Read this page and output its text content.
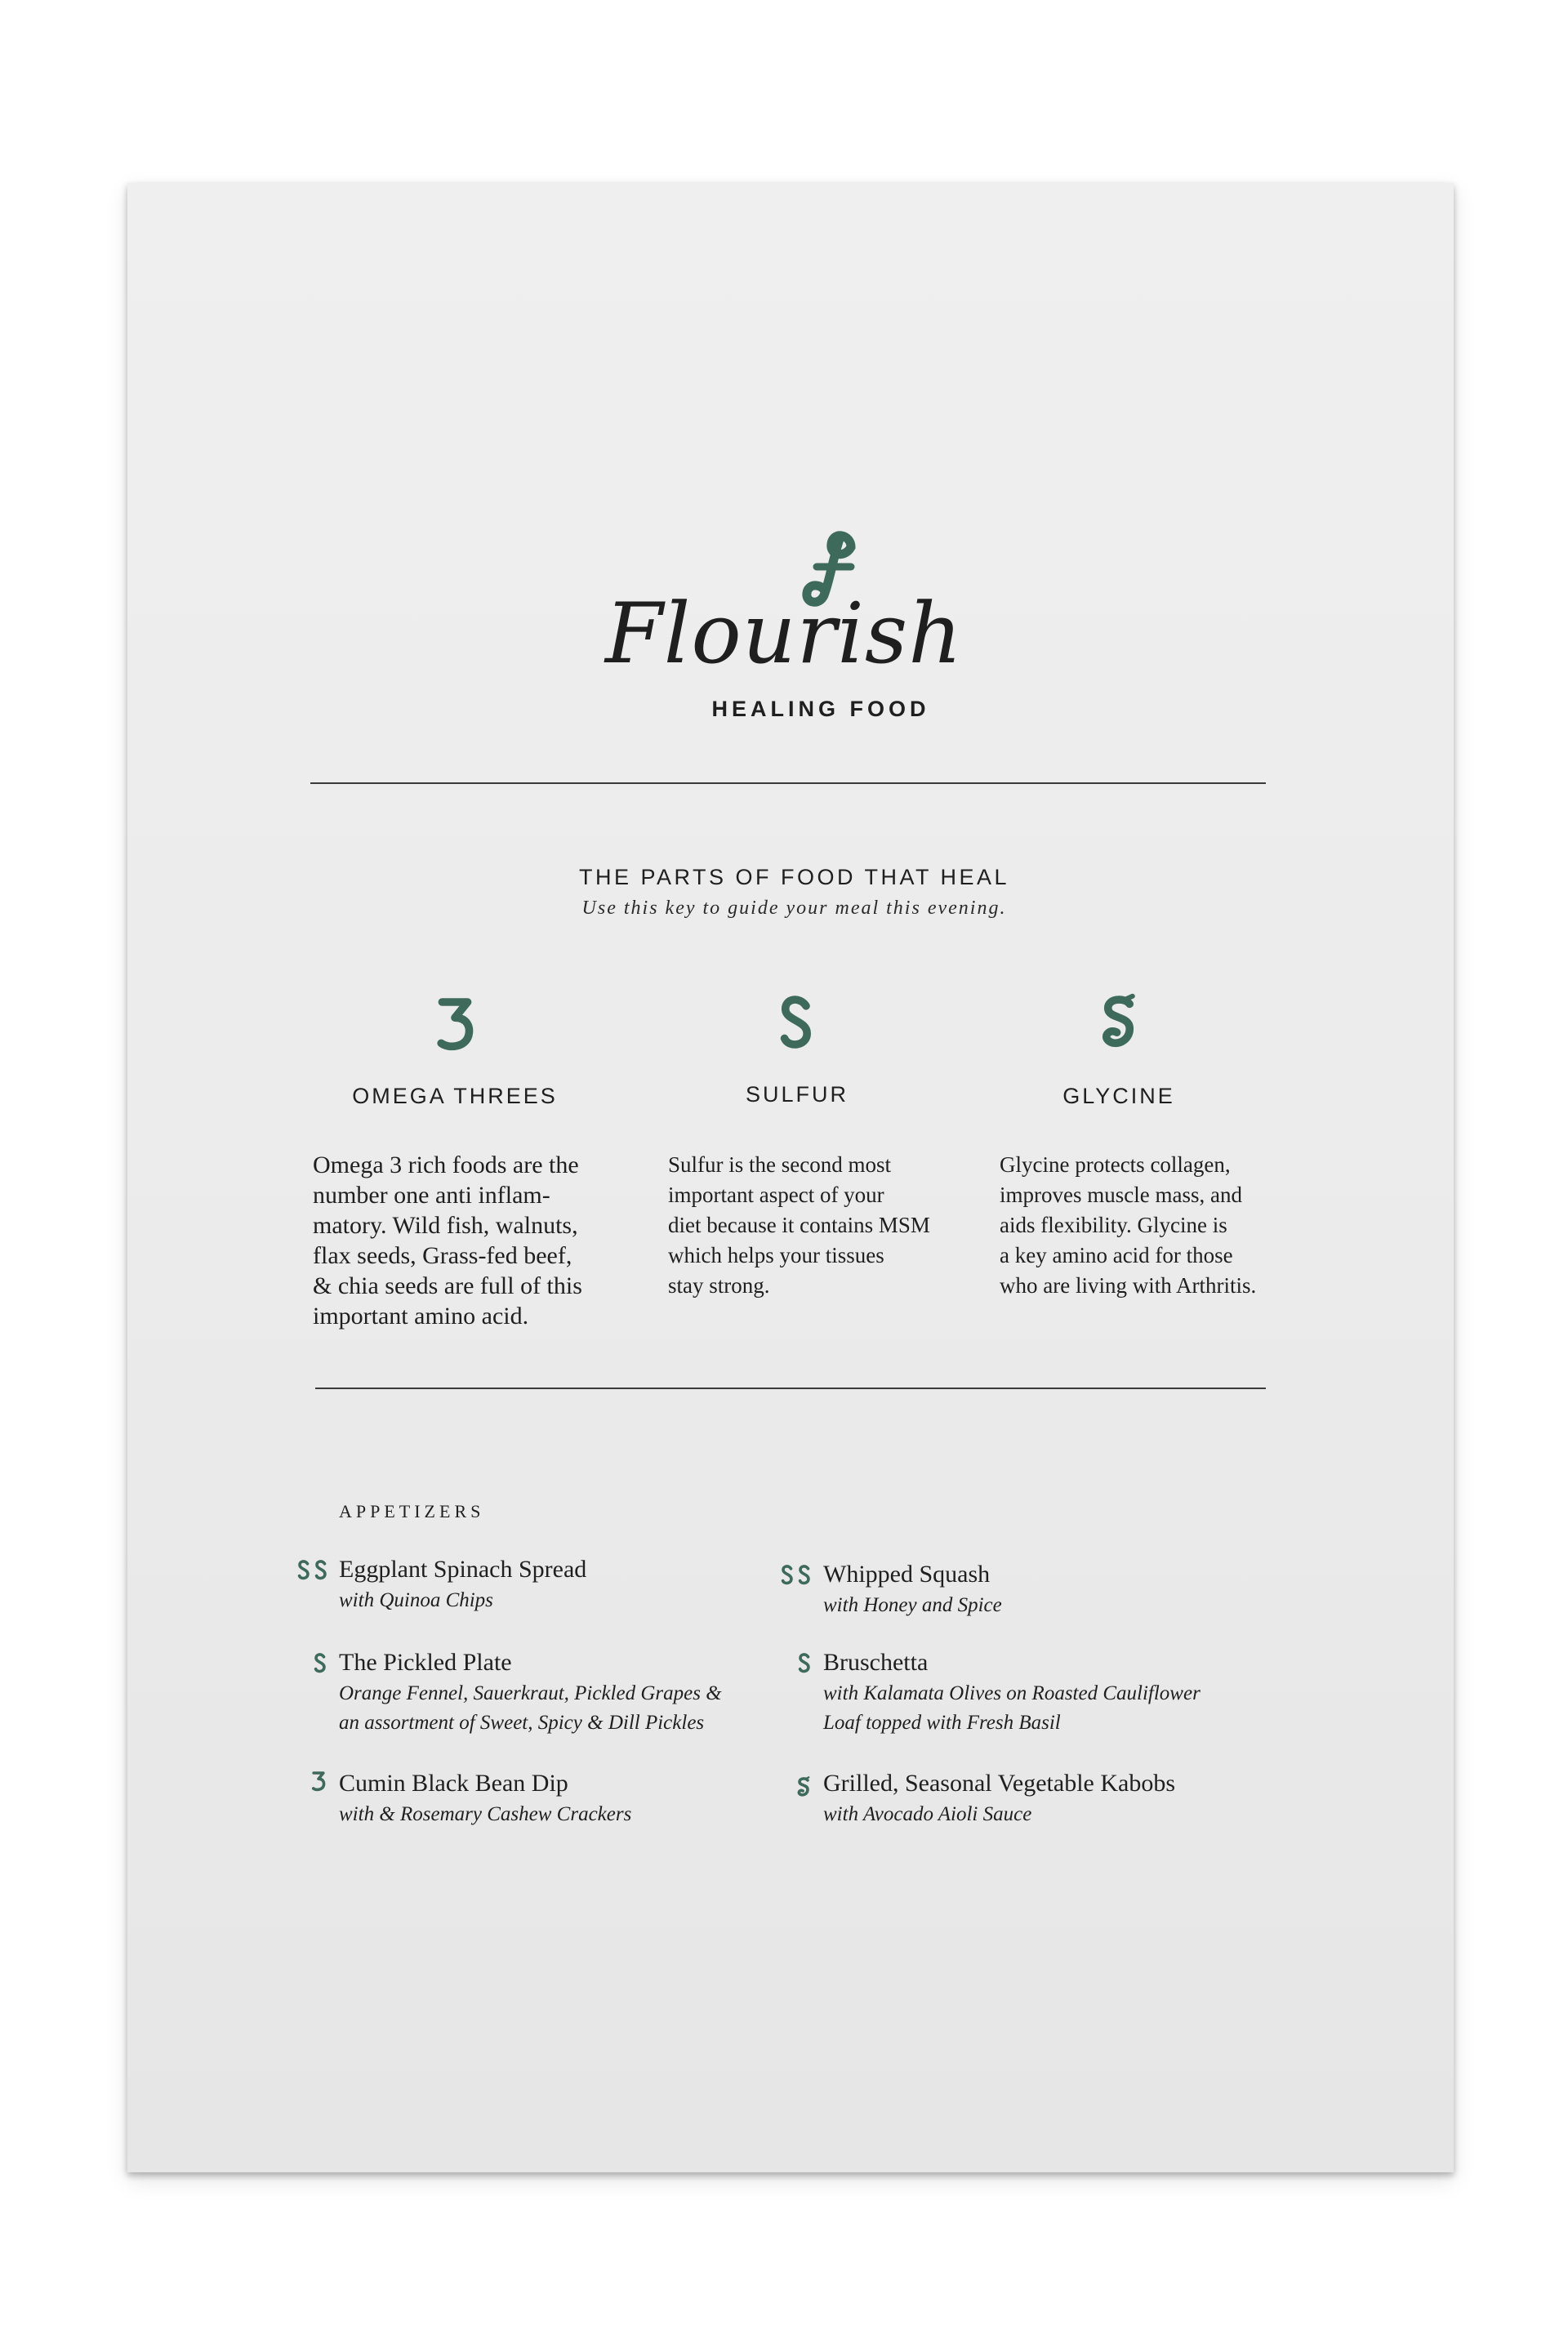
Flourish
HEALING FOOD
THE PARTS OF FOOD THAT HEAL
Use this key to guide your meal this evening.
OMEGA THREES	SULFUR	GLYCINE
Omega 3 rich foods are the
number one anti inflam-
matory. Wild fish, walnuts,
flax seeds, Grass-fed beef,
& chia seeds are full of this
important amino acid.
Sulfur is the second most
important aspect of your
diet because it contains MSM
which helps your tissues
stay strong.
Glycine protects collagen,
improves muscle mass, and
aids flexibility. Glycine is
a key amino acid for those
who are living with Arthritis.
APPETIZERS
Eggplant Spinach Spread
with Quinoa Chips
Whipped Squash
with Honey and Spice
The Pickled Plate
Orange Fennel, Sauerkraut, Pickled Grapes &
an assortment of Sweet, Spicy & Dill Pickles
Bruschetta
with Kalamata Olives on Roasted Cauliflower
Loaf topped with Fresh Basil
Cumin Black Bean Dip
with & Rosemary Cashew Crackers
Grilled, Seasonal Vegetable Kabobs
with Avocado Aioli Sauce
